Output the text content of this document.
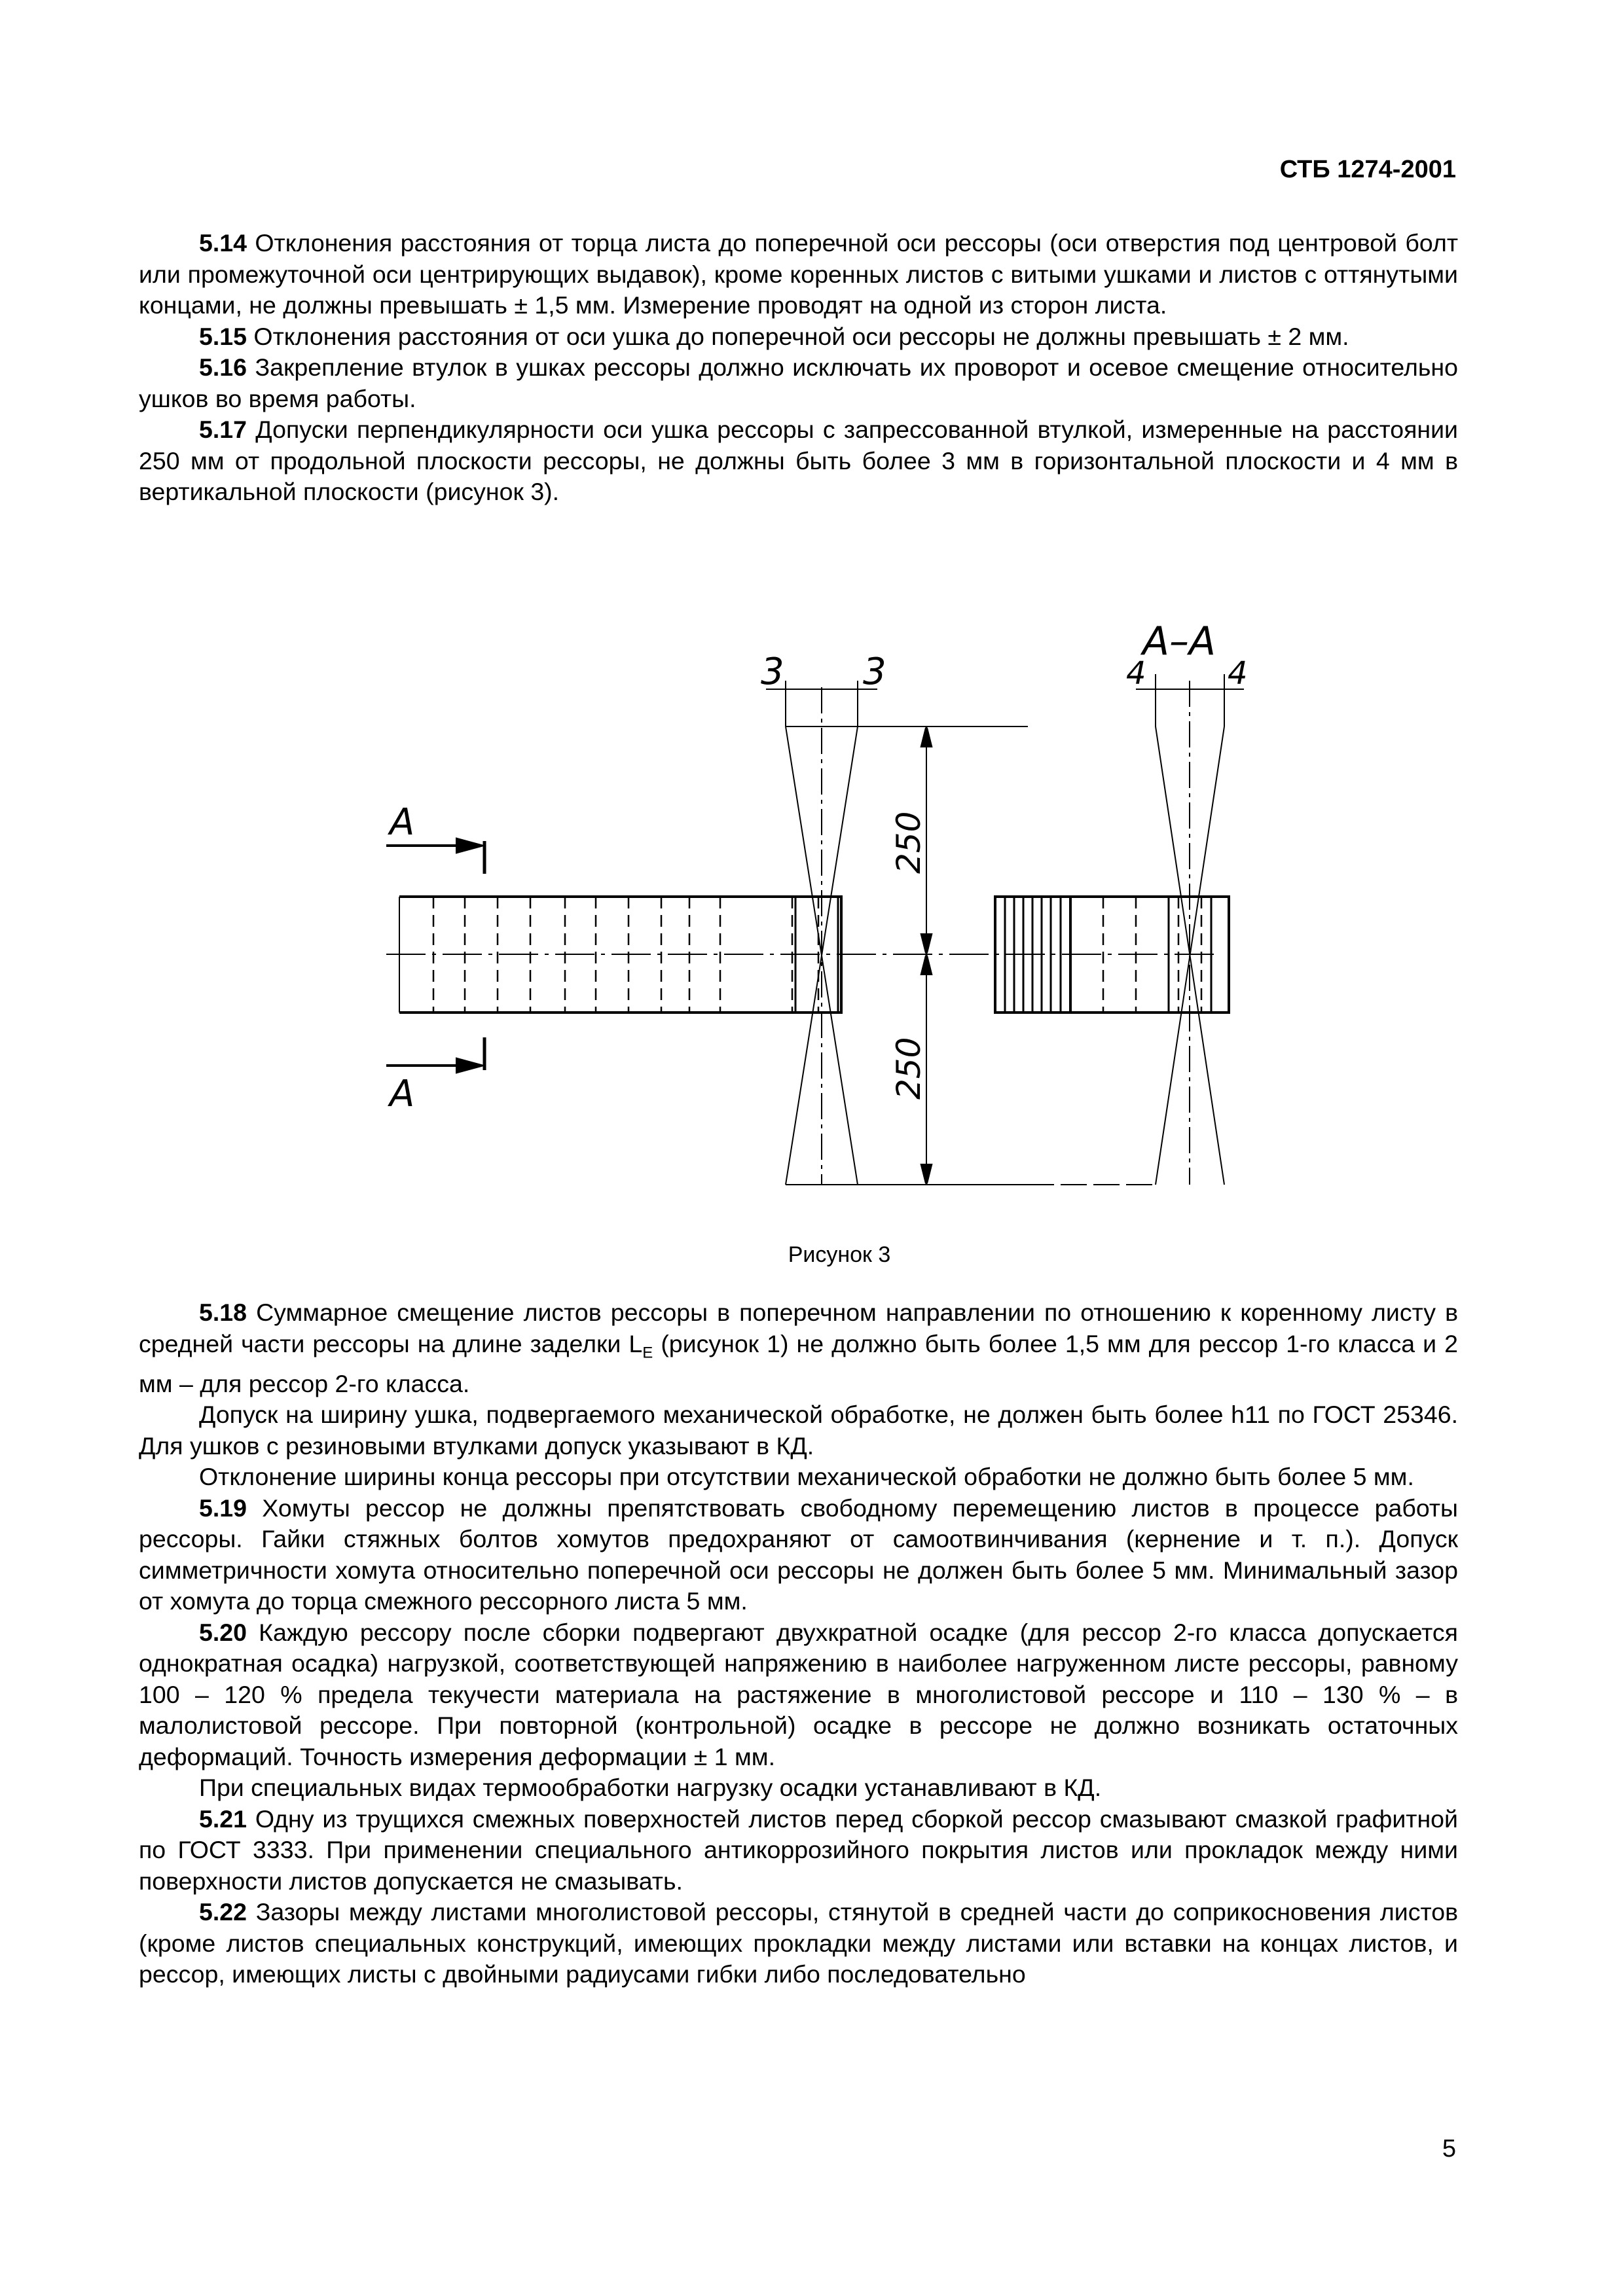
СТБ 1274-2001

5.14 Отклонения расстояния от торца листа до поперечной оси рессоры (оси отверстия под центровой болт или промежуточной оси центрирующих выдавок), кроме коренных листов с витыми ушками и листов с оттянутыми концами, не должны превышать ± 1,5 мм. Измерение проводят на одной из сторон листа.

5.15 Отклонения расстояния от оси ушка до поперечной оси рессоры не должны превышать ± 2 мм.

5.16 Закрепление втулок в ушках рессоры должно исключать их проворот и осевое смещение относительно ушков во время работы.

5.17 Допуски перпендикулярности оси ушка рессоры с запрессованной втулкой, измеренные на расстоянии 250 мм от продольной плоскости рессоры, не должны быть более 3 мм в горизонтальной плоскости и 4 мм в вертикальной плоскости (рисунок 3).

А
А
А–А
3 3	4	4
250
250
Рисунок 3

5.18 Суммарное смещение листов рессоры в поперечном направлении по отношению к коренному листу в средней части рессоры на длине заделки $L_E$ (рисунок 1) не должно быть более 1,5 мм для рессор 1-го класса и 2 мм – для рессор 2-го класса.

Допуск на ширину ушка, подвергаемого механической обработке, не должен быть более h11 по ГОСТ 25346. Для ушков с резиновыми втулками допуск указывают в КД.

Отклонение ширины конца рессоры при отсутствии механической обработки не должно быть более 5 мм.

5.19 Хомуты рессор не должны препятствовать свободному перемещению листов в процессе работы рессоры. Гайки стяжных болтов хомутов предохраняют от самоотвинчивания (кернение и т. п.). Допуск симметричности хомута относительно поперечной оси рессоры не должен быть более 5 мм. Минимальный зазор от хомута до торца смежного рессорного листа 5 мм.

5.20 Каждую рессору после сборки подвергают двухкратной осадке (для рессор 2-го класса допускается однократная осадка) нагрузкой, соответствующей напряжению в наиболее нагруженном листе рессоры, равному 100 – 120 % предела текучести материала на растяжение в многолистовой рессоре и 110 – 130 % – в малолистовой рессоре. При повторной (контрольной) осадке в рессоре не должно возникать остаточных деформаций. Точность измерения деформации ± 1 мм.

При специальных видах термообработки нагрузку осадки устанавливают в КД.

5.21 Одну из трущихся смежных поверхностей листов перед сборкой рессор смазывают смазкой графитной по ГОСТ 3333. При применении специального антикоррозийного покрытия листов или прокладок между ними поверхности листов допускается не смазывать.

5.22 Зазоры между листами многолистовой рессоры, стянутой в средней части до соприкосновения листов (кроме листов специальных конструкций, имеющих прокладки между листами или вставки на концах листов, и рессор, имеющих листы с двойными радиусами гибки либо последовательно

5
